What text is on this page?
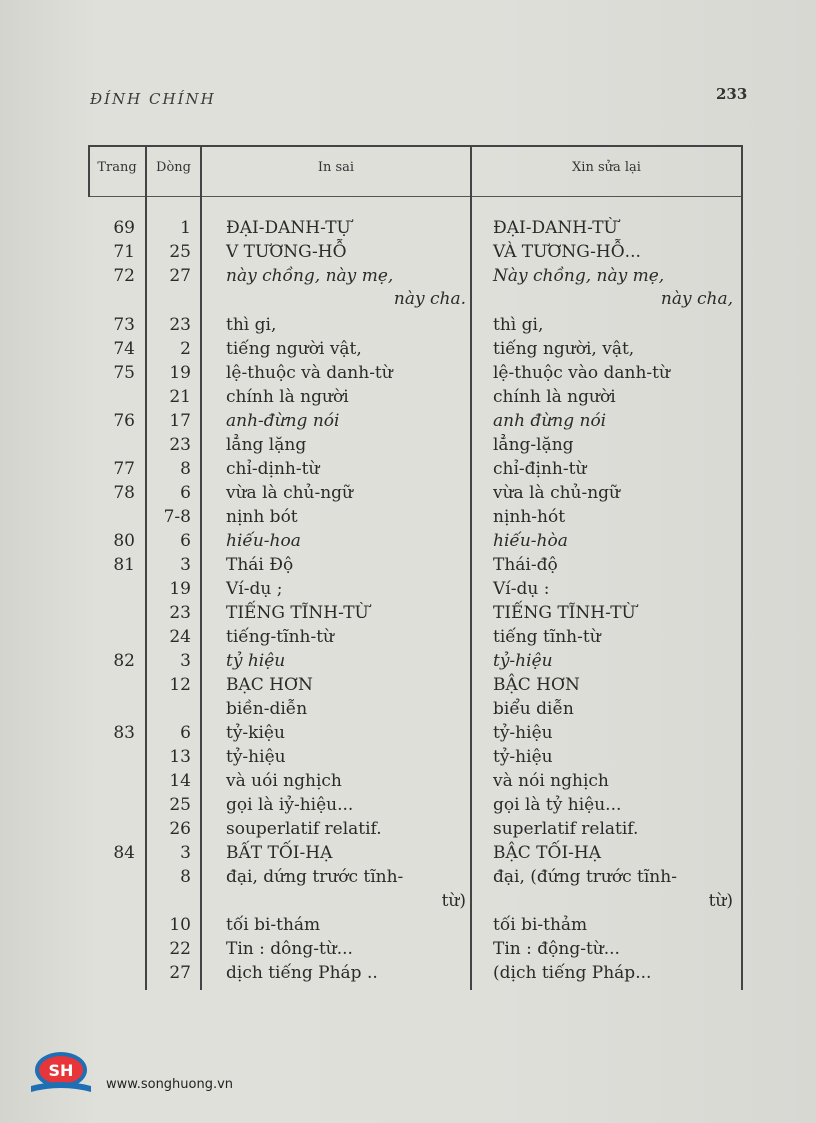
ĐÍNH CHÍNH	233
Trang	Dòng	In sai	Xin sửa lại
69	1 ĐẠI-DANH-TỰ	ĐẠI-DANH-TỪ
71	25 V TƯƠNG-HỖ	VÀ TƯƠNG-HỖ...
72	27 này chồng, này mẹ,	Này chồng, này mẹ,
này cha.	này cha,
73	23 thì gi,	thì gi,
74	2 tiếng người vật,	tiếng người, vật,
75	19 lệ-thuộc và danh-từ	lệ-thuộc vào danh-từ
21 chính là người	chính là người
76	17 anh-đừng nói	anh đừng nói
23 lẳng lặng	lẳng-lặng
77	8 chỉ-dịnh-từ	chỉ-định-từ
78	6 vừa là chủ-ngữ	vừa là chủ-ngữ
7-8 nịnh bót	nịnh-hót
80	6 hiếu-hoa	hiếu-hòa
81	3 Thái Độ	Thái-độ
19 Ví-dụ ;	Ví-dụ :
23 TIẾNG TĨNH-TỪ	TIẾNG TĨNH-TỪ
24 tiếng-tĩnh-từ	tiếng tĩnh-từ
82	3 tỷ hiệu	tỷ-hiệu
12 BẠC HƠN	BẬC HƠN
biền-diễn	biểu diễn
83	6 tỷ-kiệu	tỷ-hiệu
13 tỷ-hiệu	tỷ-hiệu
14 và uói nghịch	và nói nghịch
25 gọi là iỷ-hiệu...	gọi là tỷ hiệu...
26 souperlatif relatif.	superlatif relatif.
84	3 BẤT TỐI-HẠ	BẬC TỐI-HẠ
8 đại, dứng trước tĩnh-	đại, (đứng trước tĩnh-
từ)	từ)
10 tối bi-thám	tối bi-thảm
22 Tin : dông-từ...	Tin : động-từ...
27 dịch tiếng Pháp ..	(dịch tiếng Pháp...
SH
www.songhuong.vn
